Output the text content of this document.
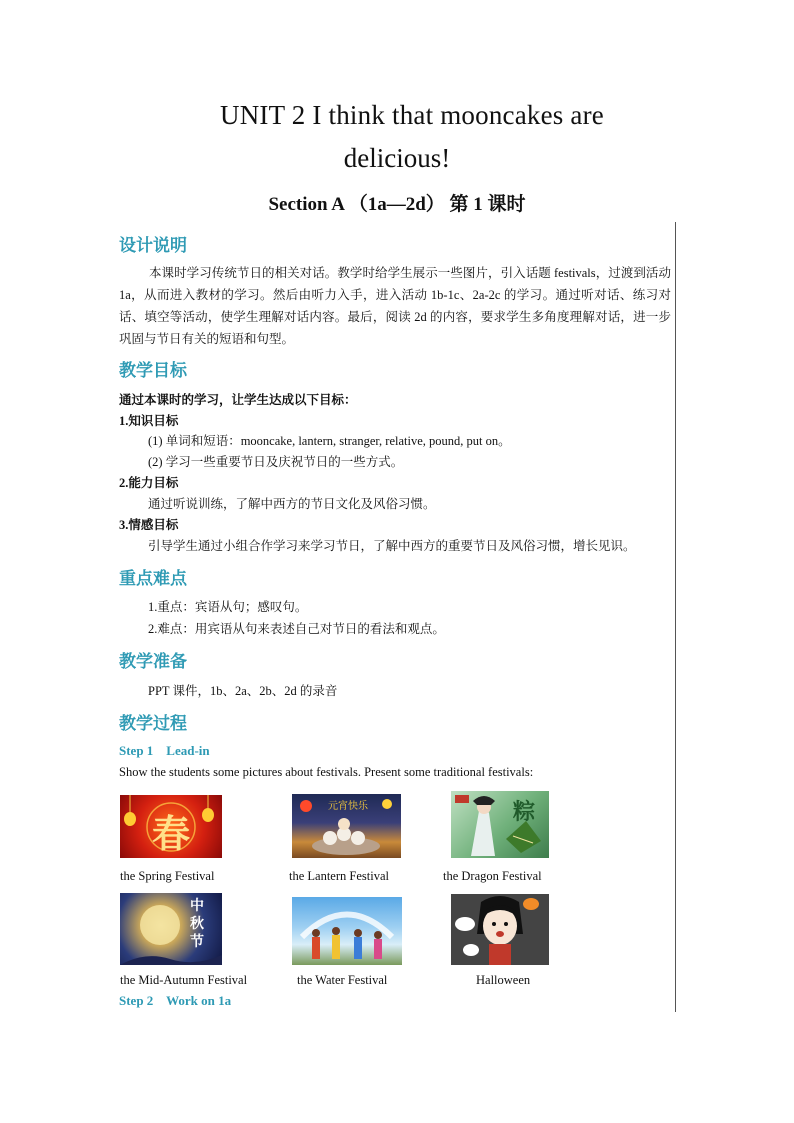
UNIT 2 I think that mooncakes are
delicious!
Section A （1a—2d） 第 1 课时
设计说明
本课时学习传统节日的相关对话。教学时给学生展示一些图片，引入话题 festivals，过渡到活动 1a，从而进入教材的学习。然后由听力入手，进入活动 1b-1c、2a-2c 的学习。通过听对话、练习对话、填空等活动，使学生理解对话内容。最后，阅读 2d 的内容，要求学生多角度理解对话，进一步巩固与节日有关的短语和句型。
教学目标
通过本课时的学习，让学生达成以下目标：
1.知识目标
(1) 单词和短语：mooncake, lantern, stranger, relative, pound, put on。
(2) 学习一些重要节日及庆祝节日的一些方式。
2.能力目标
通过听说训练，了解中西方的节日文化及风俗习惯。
3.情感目标
引导学生通过小组合作学习来学习节日，了解中西方的重要节日及风俗习惯，增长见识。
重点难点
1.重点：宾语从句；感叹句。
2.难点：用宾语从句来表述自己对节日的看法和观点。
教学准备
PPT 课件，1b、2a、2b、2d 的录音
教学过程
Step 1    Lead-in
Show the students some pictures about festivals. Present some traditional festivals:
春
元宵快乐	粽
the Spring Festival	the Lantern Festival	the Dragon Festival
中秋节
the Mid-Autumn Festival	the Water Festival	Halloween
Step 2    Work on 1a
